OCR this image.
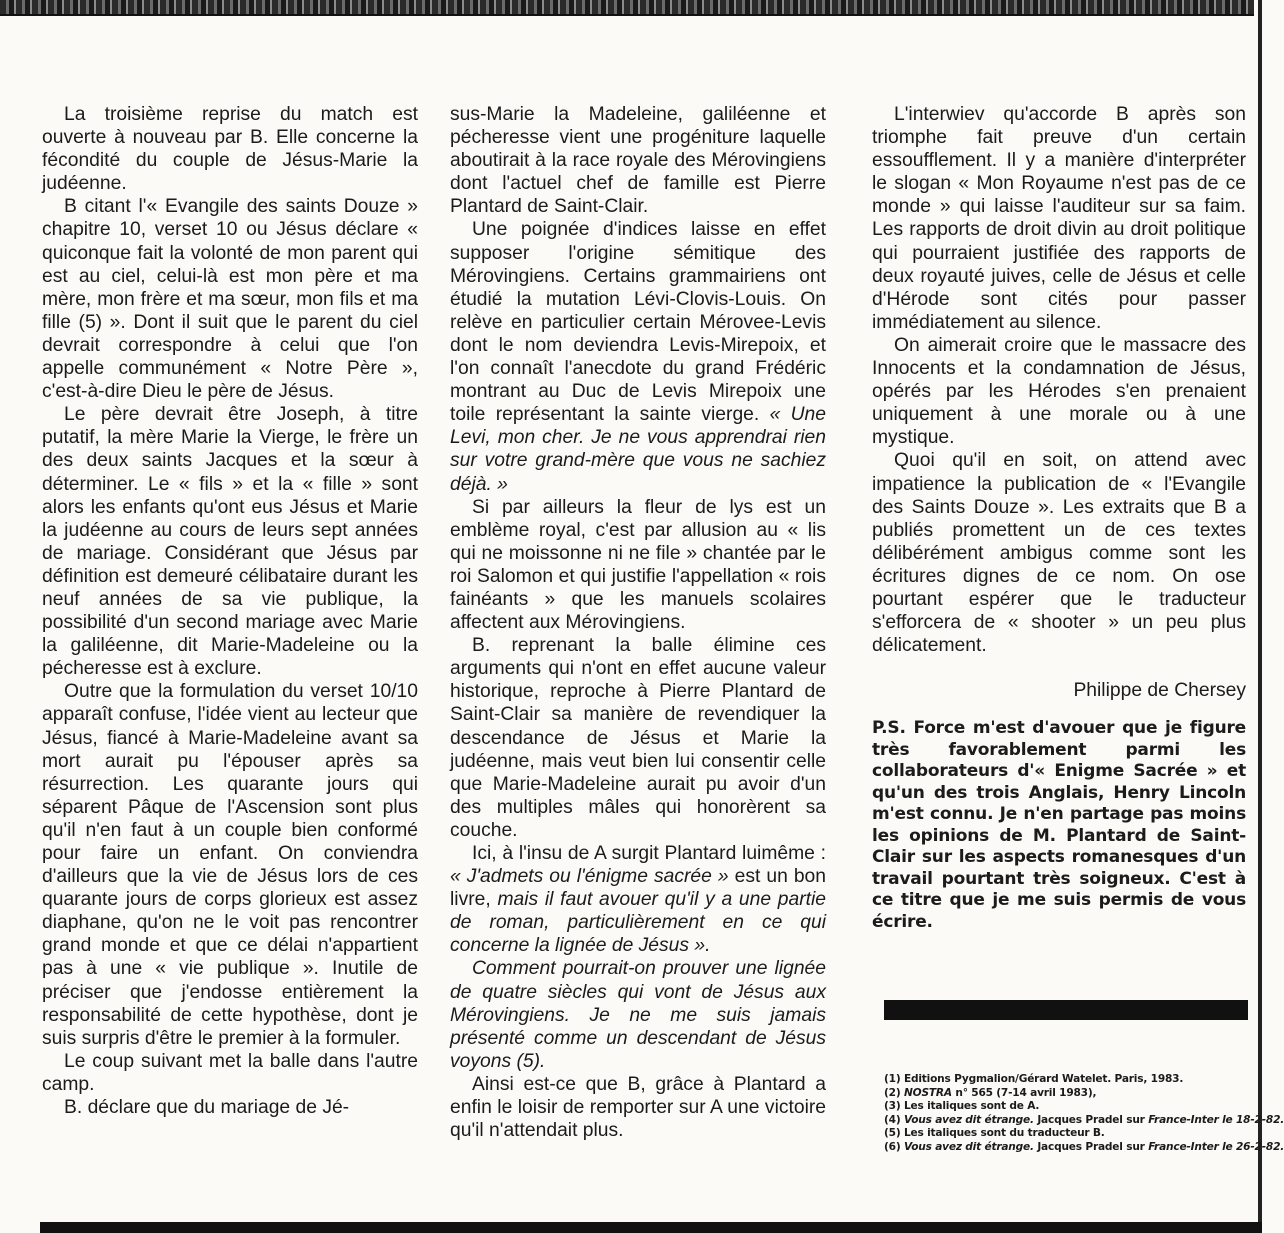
La troisième reprise du match est ouverte à nouveau par B. Elle concerne la fécondité du couple de Jésus-Marie la judéenne.

B citant l'« Evangile des saints Douze » chapitre 10, verset 10 ou Jésus déclare « quiconque fait la volonté de mon parent qui est au ciel, celui-là est mon père et ma mère, mon frère et ma sœur, mon fils et ma fille (5) ». Dont il suit que le parent du ciel devrait correspondre à celui que l'on appelle communément « Notre Père », c'est-à-dire Dieu le père de Jésus.

Le père devrait être Joseph, à titre putatif, la mère Marie la Vierge, le frère un des deux saints Jacques et la sœur à déterminer. Le « fils » et la « fille » sont alors les enfants qu'ont eus Jésus et Marie la judéenne au cours de leurs sept années de mariage. Considérant que Jésus par définition est demeuré célibataire durant les neuf années de sa vie publique, la possibilité d'un second mariage avec Marie la galiléenne, dit Marie-Madeleine ou la pécheresse est à exclure.

Outre que la formulation du verset 10/10 apparaît confuse, l'idée vient au lecteur que Jésus, fiancé à Marie-Madeleine avant sa mort aurait pu l'épouser après sa résurrection. Les quarante jours qui séparent Pâque de l'Ascension sont plus qu'il n'en faut à un couple bien conformé pour faire un enfant. On conviendra d'ailleurs que la vie de Jésus lors de ces quarante jours de corps glorieux est assez diaphane, qu'on ne le voit pas rencontrer grand monde et que ce délai n'appartient pas à une « vie publique ». Inutile de préciser que j'endosse entièrement la responsabilité de cette hypothèse, dont je suis surpris d'être le premier à la formuler.

Le coup suivant met la balle dans l'autre camp.

B. déclare que du mariage de Jé-

sus-Marie la Madeleine, galiléenne et pécheresse vient une progéniture laquelle aboutirait à la race royale des Mérovingiens dont l'actuel chef de famille est Pierre Plantard de Saint-Clair.

Une poignée d'indices laisse en effet supposer l'origine sémitique des Mérovingiens. Certains grammairiens ont étudié la mutation Lévi-Clovis-Louis. On relève en particulier certain Mérovee-Levis dont le nom deviendra Levis-Mirepoix, et l'on connaît l'anecdote du grand Frédéric montrant au Duc de Levis Mirepoix une toile représentant la sainte vierge. « Une Levi, mon cher. Je ne vous apprendrai rien sur votre grand-mère que vous ne sachiez déjà. »

Si par ailleurs la fleur de lys est un emblème royal, c'est par allusion au « lis qui ne moissonne ni ne file » chantée par le roi Salomon et qui justifie l'appellation « rois fainéants » que les manuels scolaires affectent aux Mérovingiens.

B. reprenant la balle élimine ces arguments qui n'ont en effet aucune valeur historique, reproche à Pierre Plantard de Saint-Clair sa manière de revendiquer la descendance de Jésus et Marie la judéenne, mais veut bien lui consentir celle que Marie-Madeleine aurait pu avoir d'un des multiples mâles qui honorèrent sa couche.

Ici, à l'insu de A surgit Plantard luimême : « J'admets ou l'énigme sacrée » est un bon livre, mais il faut avouer qu'il y a une partie de roman, particulièrement en ce qui concerne la lignée de Jésus ».

Comment pourrait-on prouver une lignée de quatre siècles qui vont de Jésus aux Mérovingiens. Je ne me suis jamais présenté comme un descendant de Jésus voyons (5).

Ainsi est-ce que B, grâce à Plantard a enfin le loisir de remporter sur A une victoire qu'il n'attendait plus.

L'interwiev qu'accorde B après son triomphe fait preuve d'un certain essoufflement. Il y a manière d'interpréter le slogan « Mon Royaume n'est pas de ce monde » qui laisse l'auditeur sur sa faim. Les rapports de droit divin au droit politique qui pourraient justifiée des rapports de deux royauté juives, celle de Jésus et celle d'Hérode sont cités pour passer immédiatement au silence.

On aimerait croire que le massacre des Innocents et la condamnation de Jésus, opérés par les Hérodes s'en prenaient uniquement à une morale ou à une mystique.

Quoi qu'il en soit, on attend avec impatience la publication de « l'Evangile des Saints Douze ». Les extraits que B a publiés promettent un de ces textes délibérément ambigus comme sont les écritures dignes de ce nom. On ose pourtant espérer que le traducteur s'efforcera de « shooter » un peu plus délicatement.

Philippe de Chersey

P.S. Force m'est d'avouer que je figure très favorablement parmi les collaborateurs d'« Enigme Sacrée » et qu'un des trois Anglais, Henry Lincoln m'est connu. Je n'en partage pas moins les opinions de M. Plantard de Saint-Clair sur les aspects romanesques d'un travail pourtant très soigneux. C'est à ce titre que je me suis permis de vous écrire.

(1) Editions Pygmalion/Gérard Watelet. Paris, 1983.
(2) NOSTRA n° 565 (7-14 avril 1983),
(3) Les italiques sont de A.
(4) Vous avez dit étrange. Jacques Pradel sur France-Inter le 18-2-82.
(5) Les italiques sont du traducteur B.
(6) Vous avez dit étrange. Jacques Pradel sur France-Inter le 26-2-82.
